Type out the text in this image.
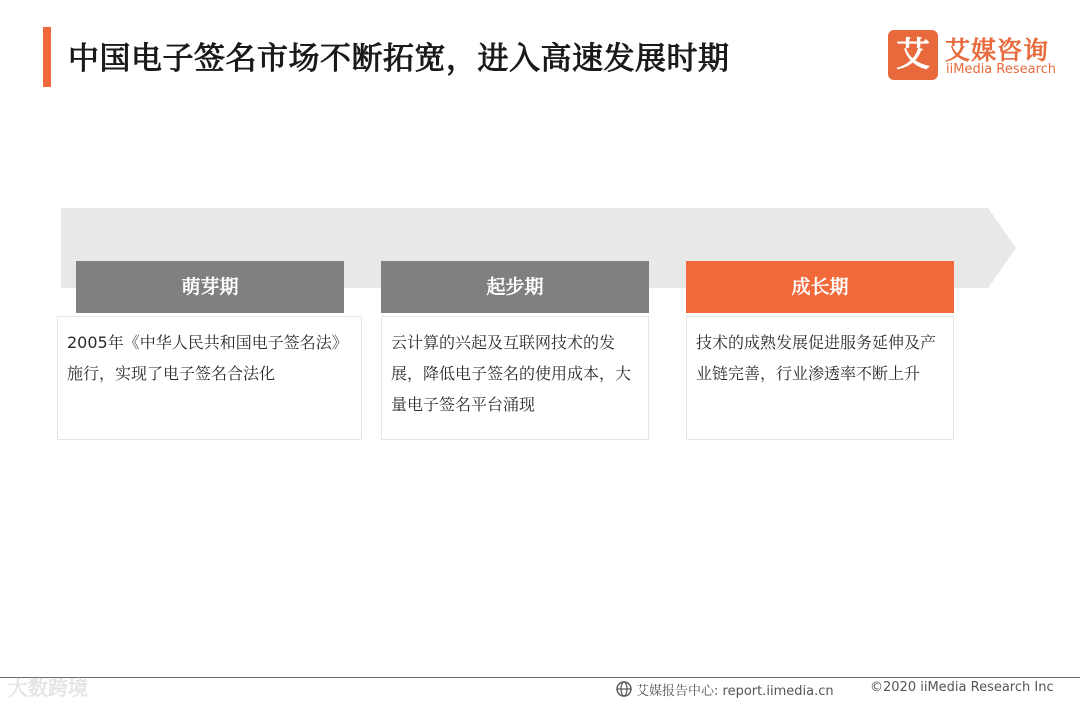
中国电子签名市场不断拓宽，进入高速发展时期	艾 艾媒咨询
iiMedia Research
萌芽期
2005年《中华人民共和国电子签名法》施行，实现了电子签名合法化
起步期
云计算的兴起及互联网技术的发展，降低电子签名的使用成本，大量电子签名平台涌现
成长期
技术的成熟发展促进服务延伸及产业链完善，行业渗透率不断上升
大数跨境	艾媒报告中心: report.iimedia.cn	©2020 iiMedia Research Inc
